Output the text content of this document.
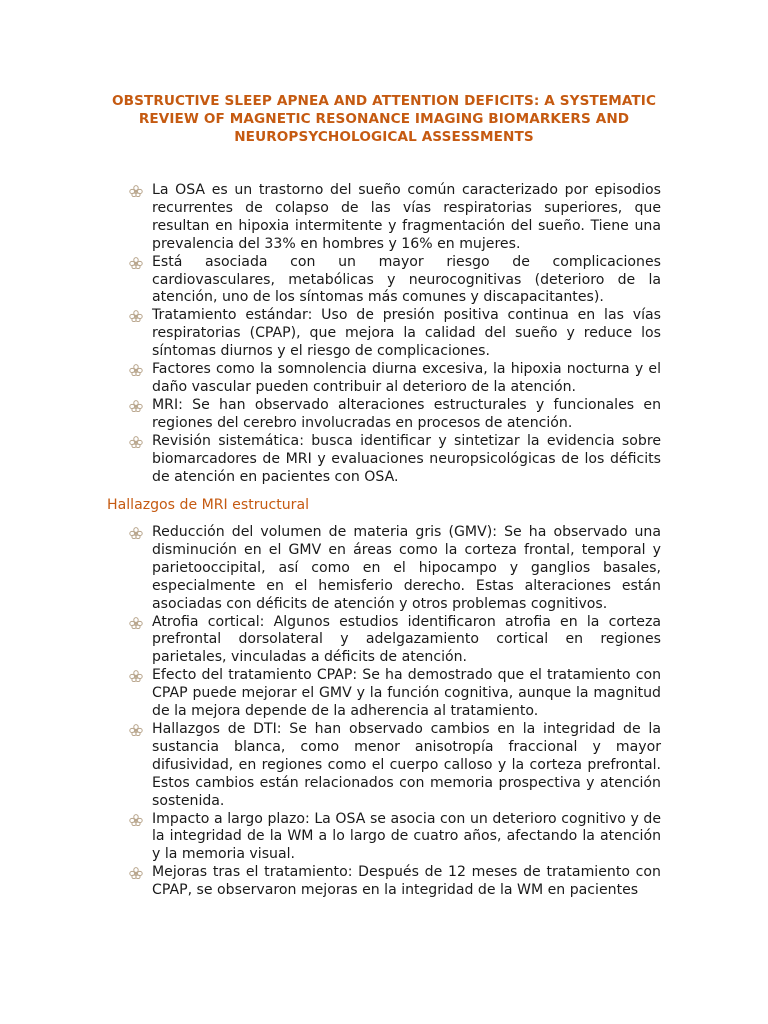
OBSTRUCTIVE SLEEP APNEA AND ATTENTION DEFICITS: A SYSTEMATIC
REVIEW OF MAGNETIC RESONANCE IMAGING BIOMARKERS AND
NEUROPSYCHOLOGICAL ASSESSMENTS
La OSA es un trastorno del sueño común caracterizado por episodios recurrentes de colapso de las vías respiratorias superiores, que resultan en hipoxia intermitente y fragmentación del sueño. Tiene una prevalencia del 33% en hombres y 16% en mujeres.
Está asociada con un mayor riesgo de complicaciones cardiovasculares, metabólicas y neurocognitivas (deterioro de la atención, uno de los síntomas más comunes y discapacitantes).
Tratamiento estándar: Uso de presión positiva continua en las vías respiratorias (CPAP), que mejora la calidad del sueño y reduce los síntomas diurnos y el riesgo de complicaciones.
Factores como la somnolencia diurna excesiva, la hipoxia nocturna y el daño vascular pueden contribuir al deterioro de la atención.
MRI: Se han observado alteraciones estructurales y funcionales en regiones del cerebro involucradas en procesos de atención.
Revisión sistemática: busca identificar y sintetizar la evidencia sobre biomarcadores de MRI y evaluaciones neuropsicológicas de los déficits de atención en pacientes con OSA.
Hallazgos de MRI estructural
Reducción del volumen de materia gris (GMV): Se ha observado una disminución en el GMV en áreas como la corteza frontal, temporal y parietooccipital, así como en el hipocampo y ganglios basales, especialmente en el hemisferio derecho. Estas alteraciones están asociadas con déficits de atención y otros problemas cognitivos.
Atrofia cortical: Algunos estudios identificaron atrofia en la corteza prefrontal dorsolateral y adelgazamiento cortical en regiones parietales, vinculadas a déficits de atención.
Efecto del tratamiento CPAP: Se ha demostrado que el tratamiento con CPAP puede mejorar el GMV y la función cognitiva, aunque la magnitud de la mejora depende de la adherencia al tratamiento.
Hallazgos de DTI: Se han observado cambios en la integridad de la sustancia blanca, como menor anisotropía fraccional y mayor difusividad, en regiones como el cuerpo calloso y la corteza prefrontal. Estos cambios están relacionados con memoria prospectiva y atención sostenida.
Impacto a largo plazo: La OSA se asocia con un deterioro cognitivo y de la integridad de la WM a lo largo de cuatro años, afectando la atención y la memoria visual.
Mejoras tras el tratamiento: Después de 12 meses de tratamiento con CPAP, se observaron mejoras en la integridad de la WM en pacientes
